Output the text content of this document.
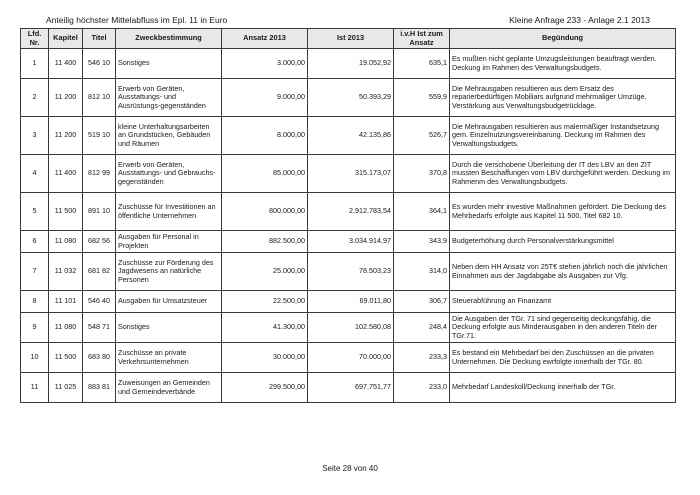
Anteilig höchster Mittelabfluss im Epl. 11 in Euro	Kleine Anfrage 233 - Anlage 2.1 2013
Lfd. Nr.	Kapitel	Titel	Zweckbestimmung	Ansatz 2013	Ist 2013	i.v.H Ist zum Ansatz	Begündung
1	11 400	546 10	Sonstiges	3.000,00	19.052,92	635,1	Es mußten nicht geplante Umzugsleistungen beauftragt werden. Deckung im Rahmen des Verwaltungsbudgets.
2	11 200	812 10	Erwerb von Geräten, Ausstattungs- und Ausrüstungs-gegenständen	9.000,00	50.393,29	559,9	Die Mehrausgaben resultieren aus dem Ersatz des reparierbedürftigen Mobiliars aufgrund mehrmaliger Umzüge. Verstärkung aus Verwaltungsbudgetrücklage.
3	11 200	519 10	kleine Unterhaltungsarbeiten an Grundstücken, Gebäuden und Räumen	8.000,00	42.135,86	526,7	Die Mehrausgaben resultieren aus malermäßiger Instandsetzung gem. Einzelnutzungsvereinbarung. Deckung im Rahmen des Verwaltungsbudgets.
4	11 400	812 99	Erwerb von Geräten, Ausstattungs- und Gebrauchs-gegenständen	85.000,00	315.173,07	370,8	Durch die verschobene Überleitung der IT des LBV an den ZIT mussten Beschaffungen vom LBV durchgeführt werden. Deckung im Rahmenm des Verwaltungsbudgets.
5	11 500	891 10	Zuschüsse für Investitionen an öffentliche Unternehmen	800.000,00	2.912.783,54	364,1	Es wurden mehr investive Maßnahmen gefördert. Die Deckung des Mehrbedarfs erfolgte aus Kapitel 11 500, Titel 682 10.
6	11 080	682 56	Ausgaben für Personal in Projekten	882.500,00	3.034.914,97	343,9	Budgeterhöhung durch Personalverstärkungsmittel
7	11 032	681 82	Zuschüsse zur Förderung des Jagdwesens an natürliche Personen	25.000,00	78.503,23	314,0	Neben dem HH Ansatz von 25T€ stehen jährlich noch die jährlichen Einnahmen aus der Jagdabgabe als Ausgaben zur Vfg.
8	11 101	546 40	Ausgaben für Umsatzsteuer	22.500,00	69.011,80	306,7	Steuerabführung an Finanzamt
9	11 080	548 71	Sonstiges	41.300,00	102.580,08	248,4	Die Ausgaben der TGr. 71 sind gegenseitig deckungsfähig, die Deckung erfolgte aus Minderausgaben in den anderen Titeln der TGr.71.
10	11 500	683 80	Zuschüsse an private Verkehrsunternehmen	30.000,00	70.000,00	233,3	Es bestand ein Mehrbedarf bei den Zuschüssen an die privaten Unternehmen. Die Deckung ewrfolgte innerhalb der TGr. 80.
11	11 025	883 81	Zuweisungen an Gemeinden und Gemeindeverbände	299.500,00	697.751,77	233,0	Mehrbedarf Landeskoll/Deckung innerhalb der TGr.
Seite 28 von 40
